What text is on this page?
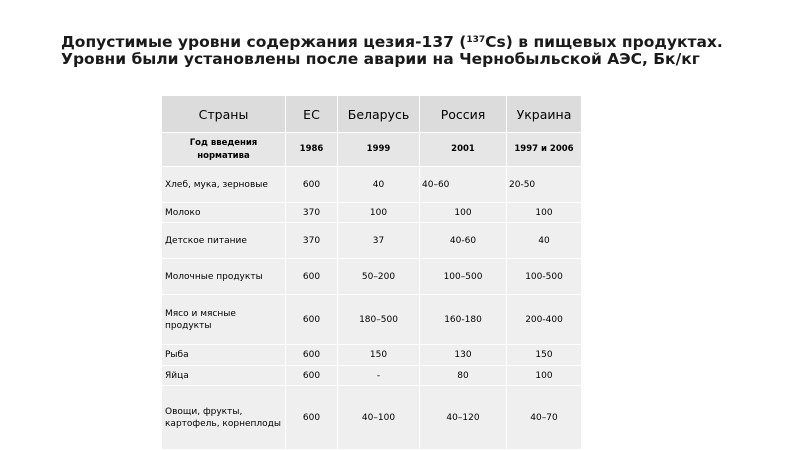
Допустимые уровни содержания цезия-137 ($^{137}$Cs) в пищевых продуктах.
Уровни были установлены после аварии на Чернобыльской АЭС, Бк/кг
Страны	ЕС	Беларусь	Россия	Украина
Год введения норматива	1986	1999	2001	1997 и 2006
Хлеб, мука, зерновые	600	40	40–60	20-50
Молоко	370	100	100	100
Детское питание	370	37	40-60	40
Молочные продукты	600	50–200	100–500	100-500
Мясо и мясные продукты	600	180–500	160-180	200-400
Рыба	600	150	130	150
Яйца	600	-	80	100
Овощи, фрукты, картофель, корнеплоды	600	40–100	40–120	40–70
